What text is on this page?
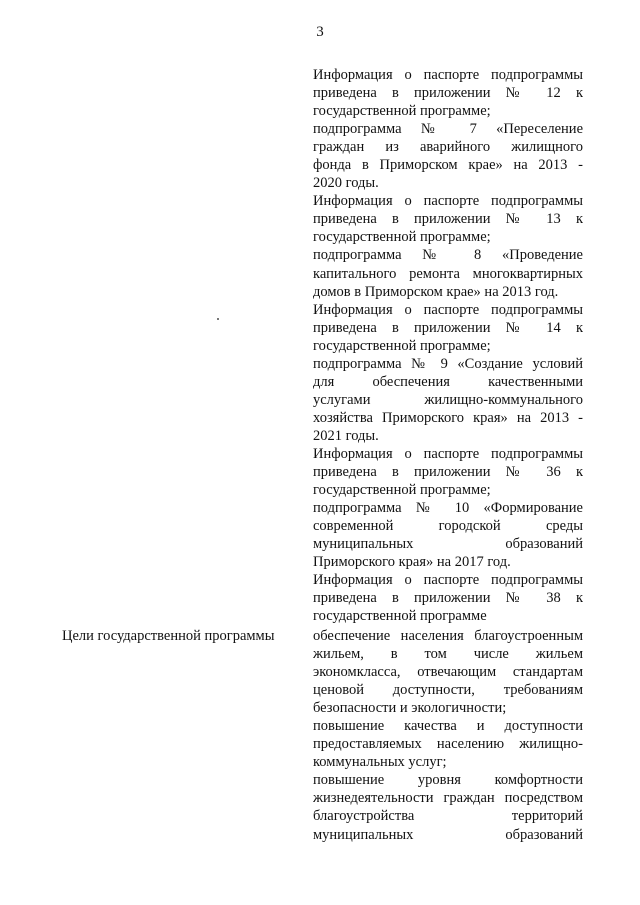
3
Информация о паспорте подпрограммы
приведена в приложении № 12 к
государственной программе;
подпрограмма № 7 «Переселение
граждан из аварийного жилищного
фонда в Приморском крае» на 2013 -
2020 годы.
Информация о паспорте подпрограммы
приведена в приложении № 13 к
государственной программе;
подпрограмма № 8 «Проведение
капитального ремонта многоквартирных
домов в Приморском крае» на 2013 год.
Информация о паспорте подпрограммы
приведена в приложении № 14 к
государственной программе;
подпрограмма № 9 «Создание условий
для обеспечения качественными
услугами жилищно-коммунального
хозяйства Приморского края» на 2013 -
2021 годы.
Информация о паспорте подпрограммы
приведена в приложении № 36 к
государственной программе;
подпрограмма № 10 «Формирование
современной городской среды
муниципальных образований
Приморского края» на 2017 год.
Информация о паспорте подпрограммы
приведена в приложении № 38 к
государственной программе
Цели государственной программы	обеспечение населения благоустроенным
жильем, в том числе жильем
экономкласса, отвечающим стандартам
ценовой доступности, требованиям
безопасности и экологичности;
повышение качества и доступности
предоставляемых населению жилищно-
коммунальных услуг;
повышение уровня комфортности
жизнедеятельности граждан посредством
благоустройства территорий
муниципальных образований
